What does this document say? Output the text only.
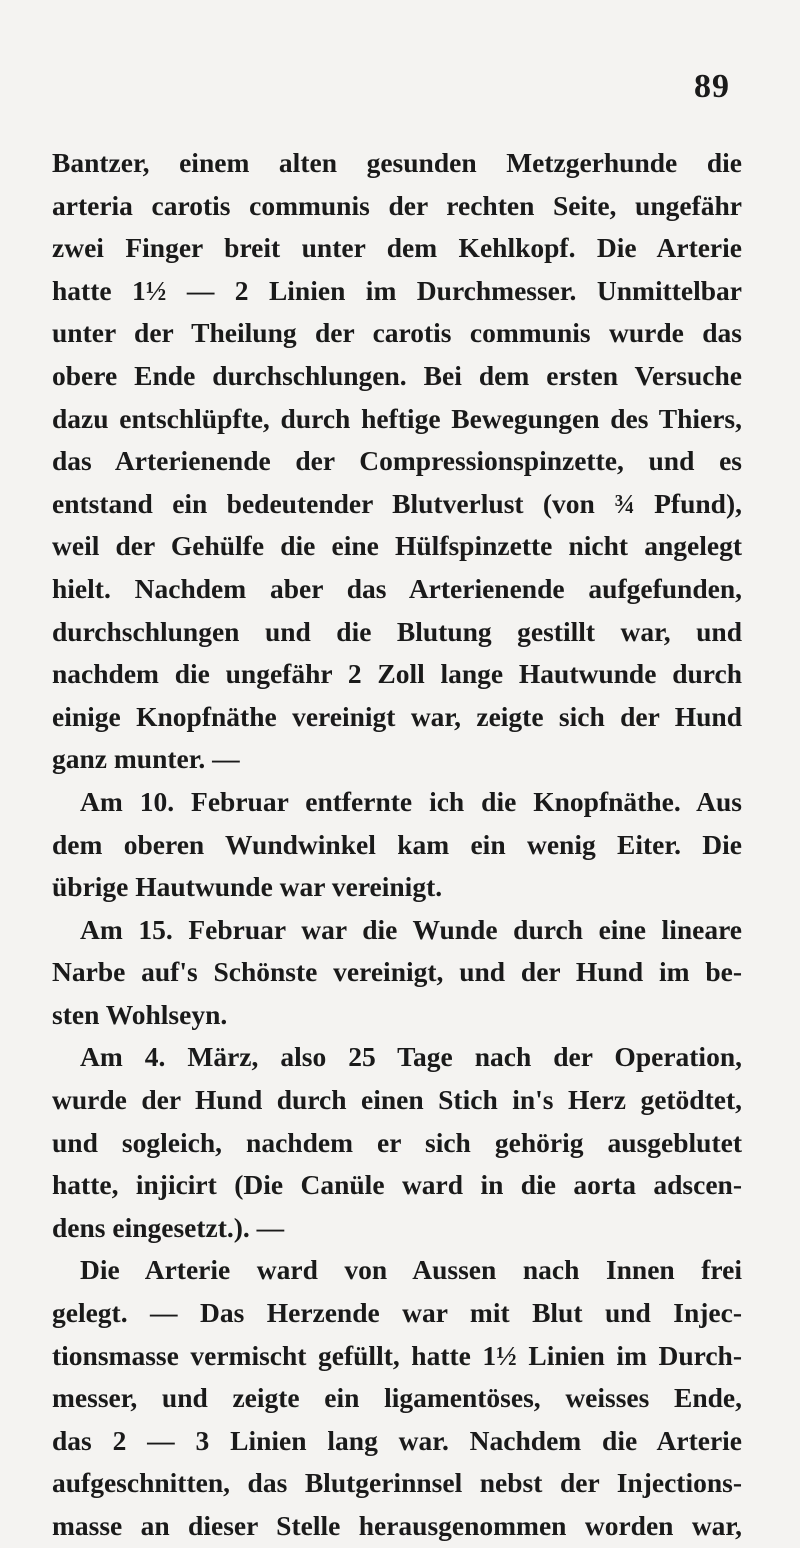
89
Bantzer, einem alten gesunden Metzgerhunde die
arteria carotis communis der rechten Seite, ungefähr
zwei Finger breit unter dem Kehlkopf. Die Arterie
hatte 1½ — 2 Linien im Durchmesser. Unmittelbar
unter der Theilung der carotis communis wurde das
obere Ende durchschlungen. Bei dem ersten Versuche
dazu entschlüpfte, durch heftige Bewegungen des Thiers,
das Arterienende der Compressionspinzette, und es
entstand ein bedeutender Blutverlust (von ¾ Pfund),
weil der Gehülfe die eine Hülfspinzette nicht angelegt
hielt. Nachdem aber das Arterienende aufgefunden,
durchschlungen und die Blutung gestillt war, und
nachdem die ungefähr 2 Zoll lange Hautwunde durch
einige Knopfnäthe vereinigt war, zeigte sich der Hund
ganz munter. —
Am 10. Februar entfernte ich die Knopfnäthe. Aus
dem oberen Wundwinkel kam ein wenig Eiter. Die
übrige Hautwunde war vereinigt.
Am 15. Februar war die Wunde durch eine lineare
Narbe auf's Schönste vereinigt, und der Hund im be-
sten Wohlseyn.
Am 4. März, also 25 Tage nach der Operation,
wurde der Hund durch einen Stich in's Herz getödtet,
und sogleich, nachdem er sich gehörig ausgeblutet
hatte, injicirt (Die Canüle ward in die aorta adscen-
dens eingesetzt.). —
Die Arterie ward von Aussen nach Innen frei
gelegt. — Das Herzende war mit Blut und Injec-
tionsmasse vermischt gefüllt, hatte 1½ Linien im Durch-
messer, und zeigte ein ligamentöses, weisses Ende,
das 2 — 3 Linien lang war. Nachdem die Arterie
aufgeschnitten, das Blutgerinnsel nebst der Injections-
masse an dieser Stelle herausgenommen worden war,
